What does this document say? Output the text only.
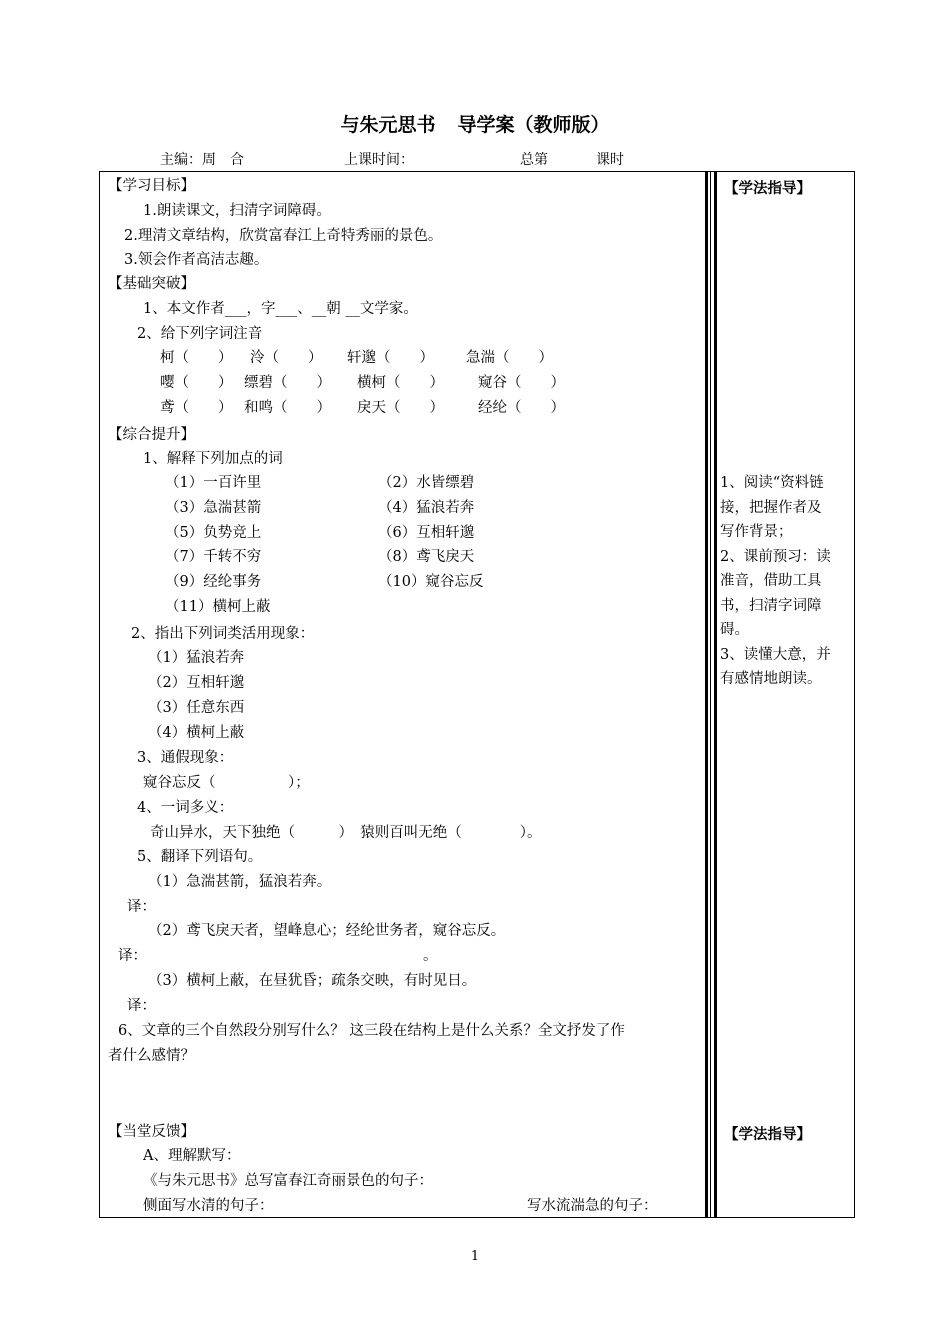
与朱元思书 导学案（教师版）
主编：周　合	上课时间：	总第	课时
【学习目标】
1.朗读课文，扫清字词障碍。
2.理清文章结构，欣赏富春江上奇特秀丽的景色。
3.领会作者高洁志趣。
【基础突破】
1、本文作者___，字___、__朝 __文学家。
2、给下列字词注音
柯（　　） 泠（　　） 轩邈（　　） 急湍（　　）
嘤（　　） 缥碧（　　） 横柯（　　） 窥谷（　　）
鸢（　　） 和鸣（　　） 戾天（　　） 经纶（　　）
【综合提升】
1、解释下列加点的词
（1）一百许里	（2）水皆缥碧
（3）急湍甚箭	（4）猛浪若奔
（5）负势竞上	（6）互相轩邈
（7）千转不穷	（8）鸢飞戾天
（9）经纶事务	（10）窥谷忘反
（11）横柯上蔽
2、指出下列词类活用现象：
（1）猛浪若奔
（2）互相轩邈
（3）任意东西
（4）横柯上蔽
3、通假现象：
窥谷忘反（　　　　　）；
4、一词多义：
奇山异水，天下独绝（　　　）　猿则百叫无绝（　　　　）。
5、翻译下列语句。
（1）急湍甚箭，猛浪若奔。
译：
（2）鸢飞戾天者，望峰息心；经纶世务者，窥谷忘反。
译：	。
（3）横柯上蔽，在昼犹昏；疏条交映，有时见日。
译：
6、文章的三个自然段分别写什么？ 这三段在结构上是什么关系？全文抒发了作
者什么感情？
【当堂反馈】
A、理解默写：
《与朱元思书》总写富春江奇丽景色的句子：
侧面写水清的句子：	写水流湍急的句子：
【学法指导】
1、阅读“资料链
接，把握作者及
写作背景；
2、课前预习：读
准音，借助工具
书，扫清字词障
碍。
3、读懂大意，并
有感情地朗读。
【学法指导】
1
